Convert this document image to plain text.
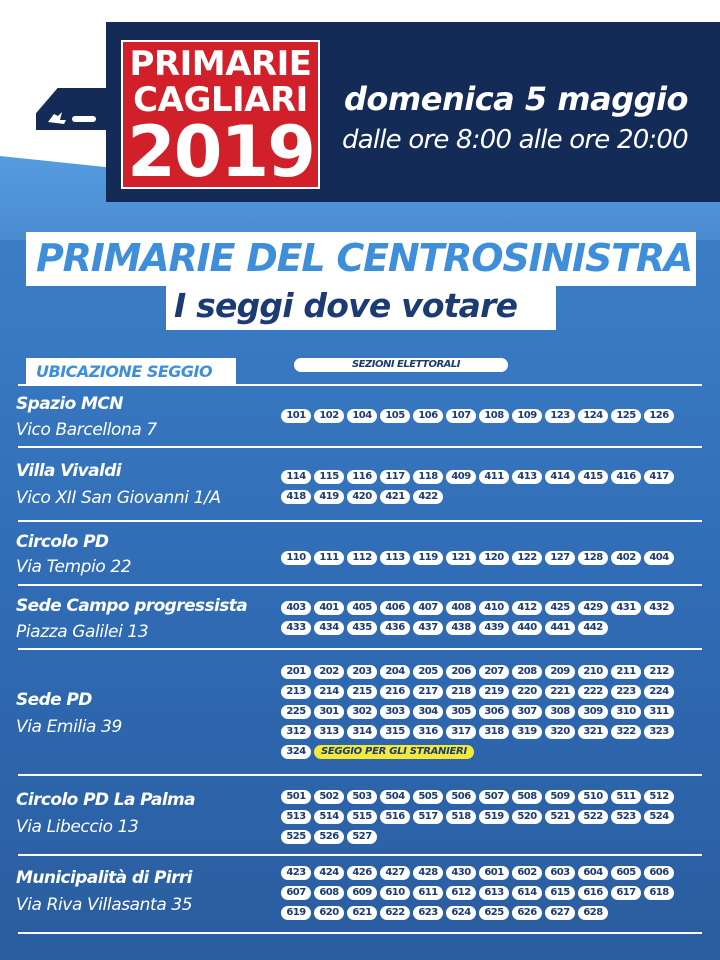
PRIMARIE
CAGLIARI
2019
domenica 5 maggio
dalle ore 8:00 alle ore 20:00
PRIMARIE DEL CENTROSINISTRA
I seggi dove votare
UBICAZIONE SEGGIO	SEZIONI ELETTORALI
Spazio MCN
Vico Barcellona 7
101	102	104	105	106	107	108	109	123	124	125	126
Villa Vivaldi
Vico XII San Giovanni 1/A
114	115	116	117	118	409	411	413	414	415	416	417
418	419	420	421	422
Circolo PD
Via Tempio 22	110	111	112	113	119	121	120	122	127	128	402	404
Sede Campo progressista
Piazza Galilei 13
403	401	405	406	407	408	410	412	425	429	431	432
433	434	435	436	437	438	439	440	441	442
Sede PD
Via Emilia 39
201	202	203	204	205	206	207	208	209	210	211	212
213	214	215	216	217	218	219	220	221	222	223	224
225	301	302	303	304	305	306	307	308	309	310	311
312	313	314	315	316	317	318	319	320	321	322	323
324	SEGGIO PER GLI STRANIERI
Circolo PD La Palma
Via Libeccio 13
501	502	503	504	505	506	507	508	509	510	511	512
513	514	515	516	517	518	519	520	521	522	523	524
525	526	527
Municipalità di Pirri
Via Riva Villasanta 35
423	424	426	427	428	430	601	602	603	604	605	606
607	608	609	610	611	612	613	614	615	616	617	618
619	620	621	622	623	624	625	626	627	628
